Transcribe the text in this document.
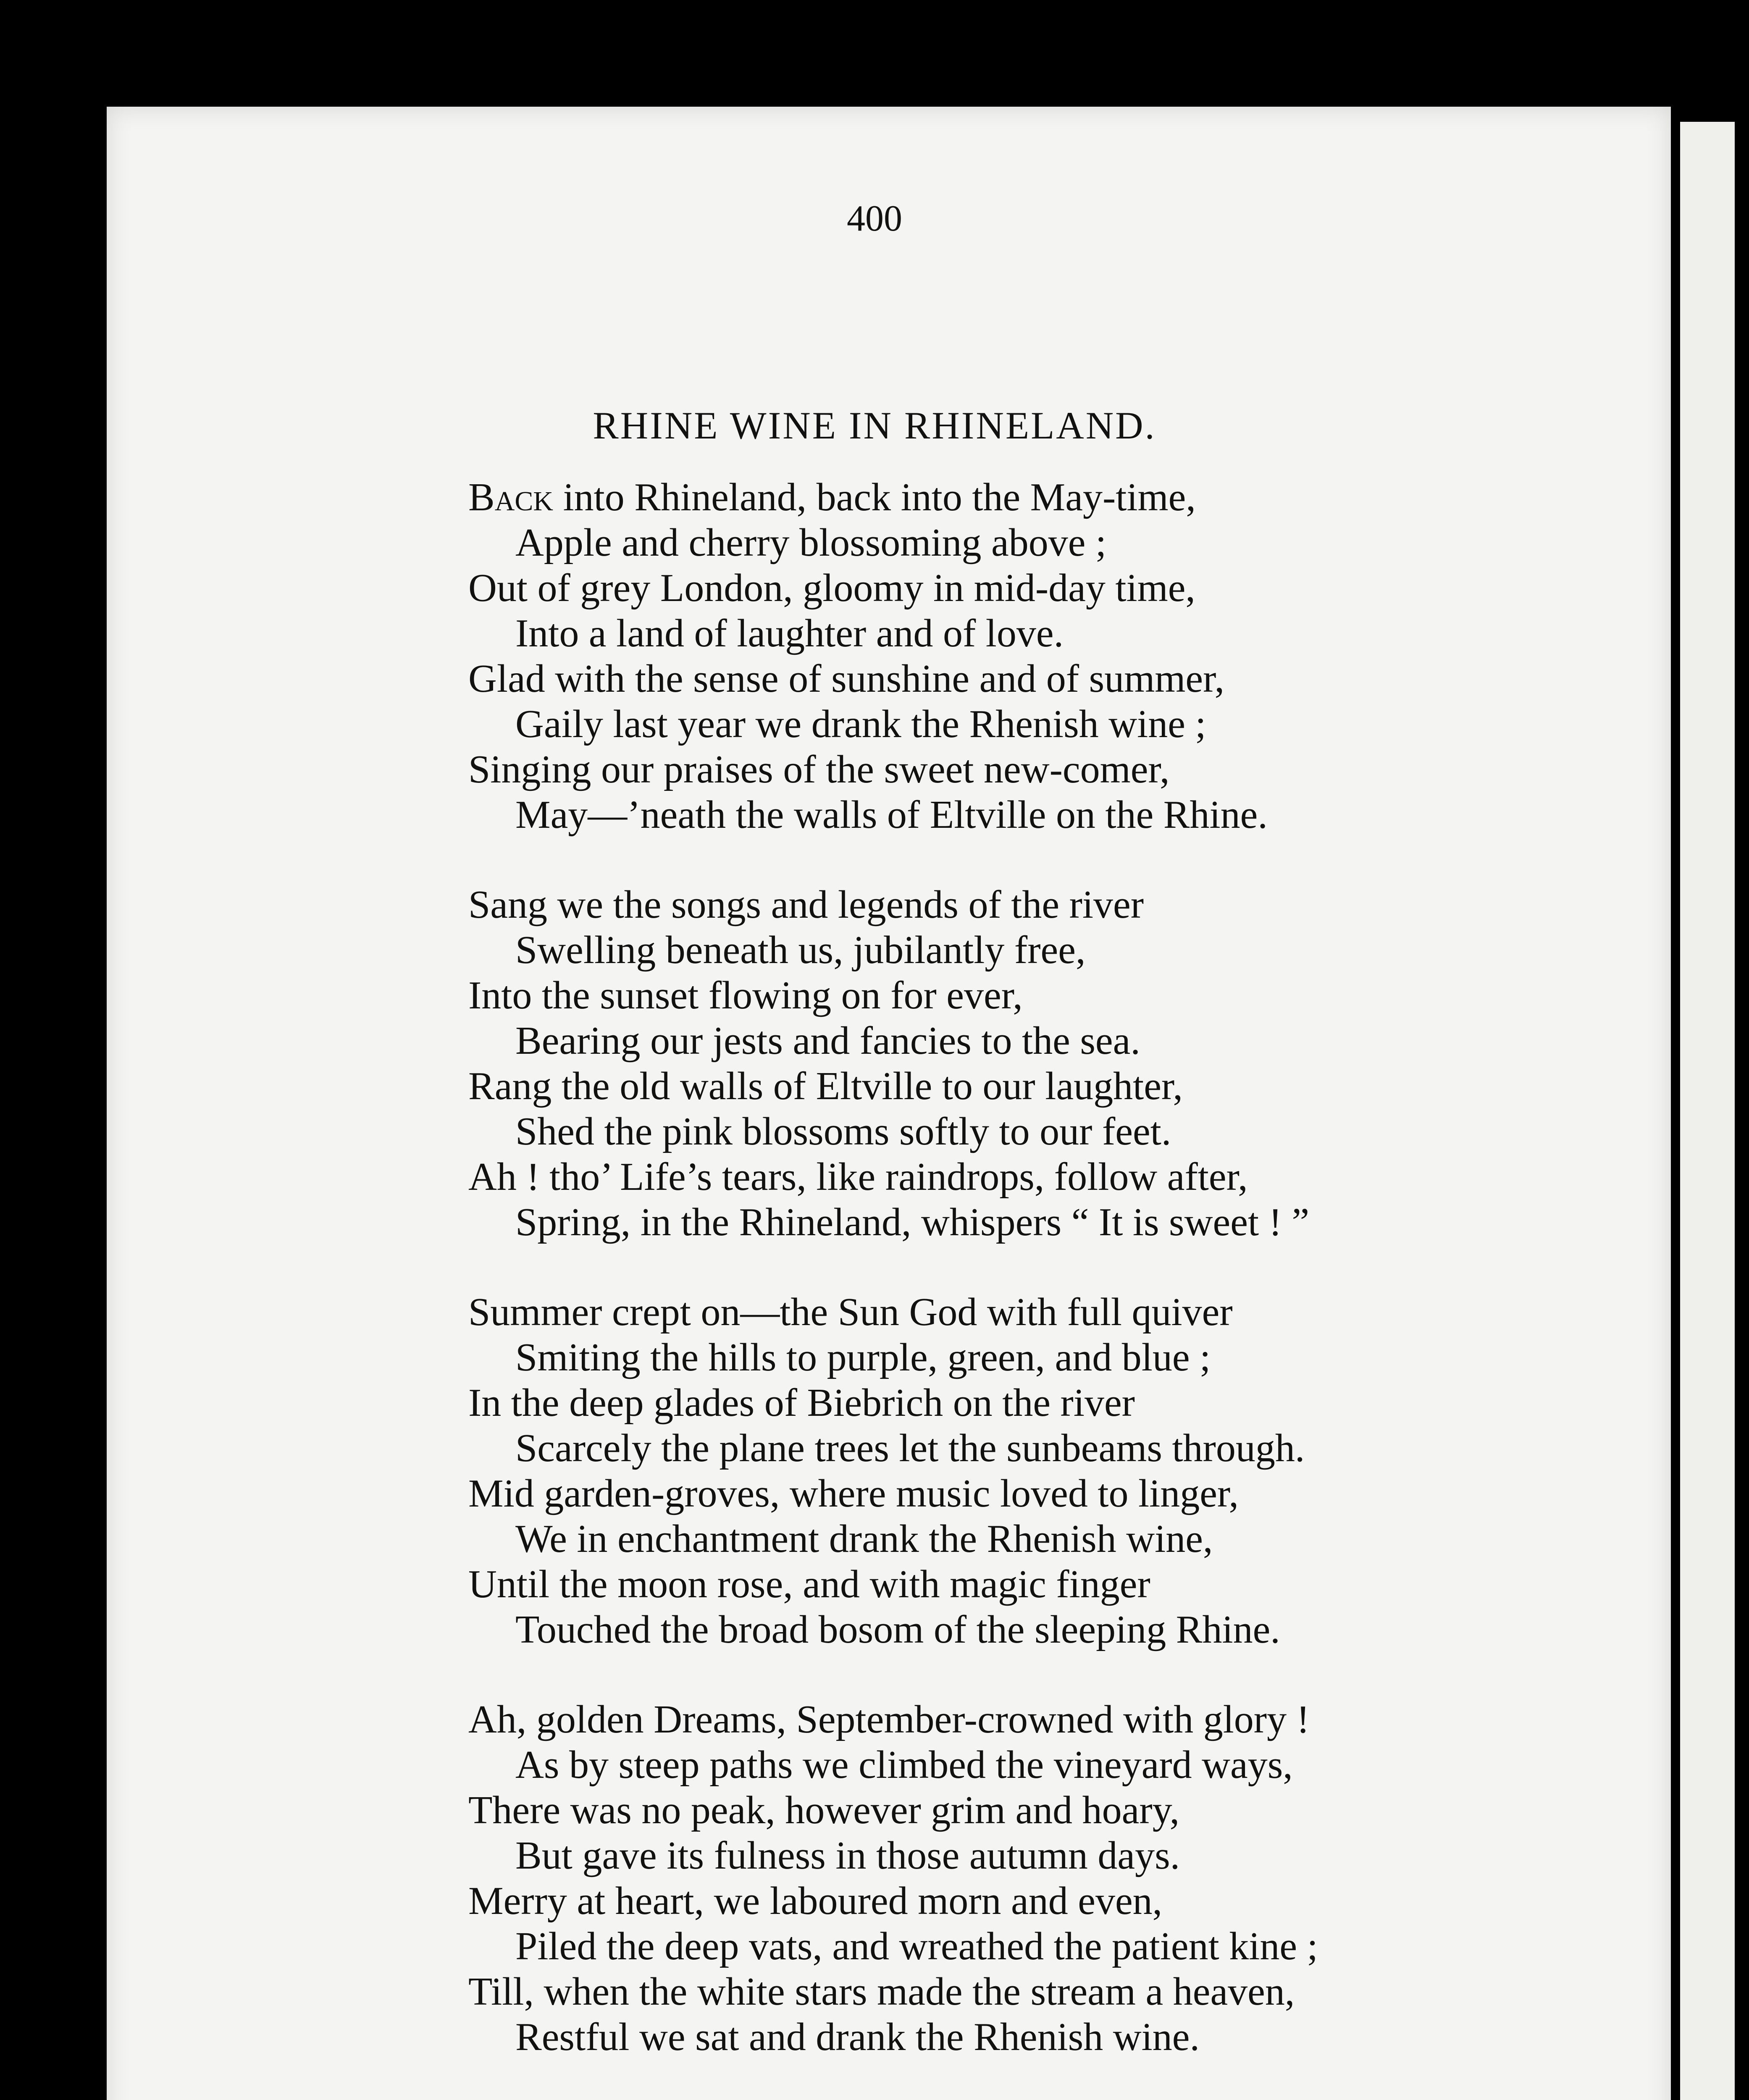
400
RHINE WINE IN RHINELAND.
Back into Rhineland, back into the May-time,
Apple and cherry blossoming above ;
Out of grey London, gloomy in mid-day time,
Into a land of laughter and of love.
Glad with the sense of sunshine and of summer,
Gaily last year we drank the Rhenish wine ;
Singing our praises of the sweet new-comer,
May—’neath the walls of Eltville on the Rhine.
Sang we the songs and legends of the river
Swelling beneath us, jubilantly free,
Into the sunset flowing on for ever,
Bearing our jests and fancies to the sea.
Rang the old walls of Eltville to our laughter,
Shed the pink blossoms softly to our feet.
Ah ! tho’ Life’s tears, like raindrops, follow after,
Spring, in the Rhineland, whispers “ It is sweet ! ”
Summer crept on—the Sun God with full quiver
Smiting the hills to purple, green, and blue ;
In the deep glades of Biebrich on the river
Scarcely the plane trees let the sunbeams through.
Mid garden-groves, where music loved to linger,
We in enchantment drank the Rhenish wine,
Until the moon rose, and with magic finger
Touched the broad bosom of the sleeping Rhine.
Ah, golden Dreams, September-crowned with glory !
As by steep paths we climbed the vineyard ways,
There was no peak, however grim and hoary,
But gave its fulness in those autumn days.
Merry at heart, we laboured morn and even,
Piled the deep vats, and wreathed the patient kine ;
Till, when the white stars made the stream a heaven,
Restful we sat and drank the Rhenish wine.
